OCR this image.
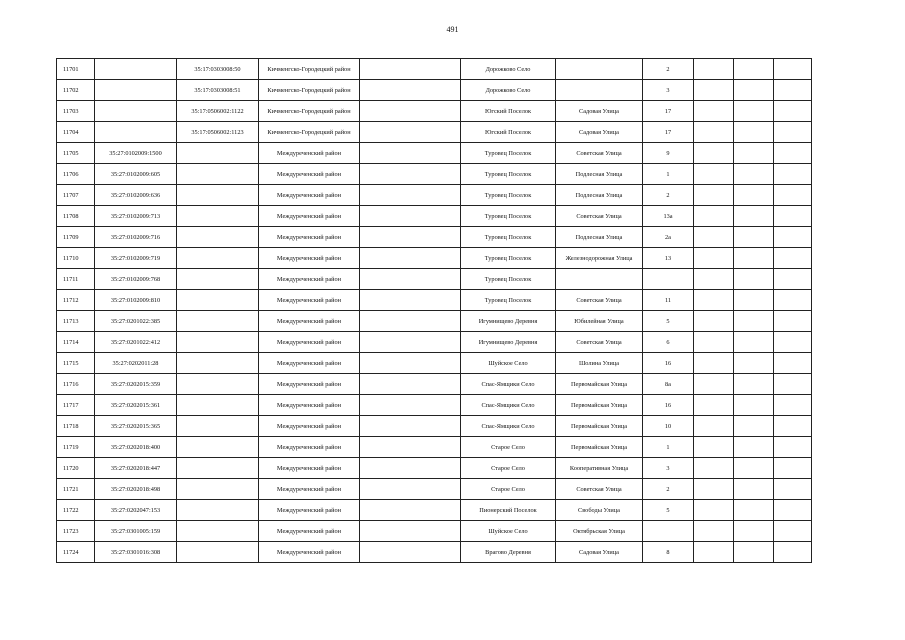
491
11701		35:17:0303008:50	Кичменгско-Городецкий район		Дорожково Село		2			
11702		35:17:0303008:51	Кичменгско-Городецкий район		Дорожково Село		3			
11703		35:17:0506002:1122	Кичменгско-Городецкий район		Югский Поселок	Садовая Улица	17			
11704		35:17:0506002:1123	Кичменгско-Городецкий район		Югский Поселок	Садовая Улица	17			
11705	35:27:0102009:1500		Междуреченский район		Туровец Поселок	Советская Улица	9			
11706	35:27:0102009:605		Междуреченский район		Туровец Поселок	Подлесная Улица	1			
11707	35:27:0102009:636		Междуреченский район		Туровец Поселок	Подлесная Улица	2			
11708	35:27:0102009:713		Междуреченский район		Туровец Поселок	Советская Улица	13а			
11709	35:27:0102009:716		Междуреченский район		Туровец Поселок	Подлесная Улица	2а			
11710	35:27:0102009:719		Междуреченский район		Туровец Поселок	Железнодорожная Улица	13			
11711	35:27:0102009:768		Междуреченский район		Туровец Поселок					
11712	35:27:0102009:810		Междуреченский район		Туровец Поселок	Советская Улица	11			
11713	35:27:0201022:385		Междуреченский район		Игумнищево Деревня	Юбилейная Улица	5			
11714	35:27:0201022:412		Междуреченский район		Игумнищево Деревня	Советская Улица	6			
11715	35:27:0202011:28		Междуреченский район		Шуйское Село	Шолина Улица	16			
11716	35:27:0202015:359		Междуреченский район		Спас-Ямщики Село	Первомайская Улица	8а			
11717	35:27:0202015:361		Междуреченский район		Спас-Ямщики Село	Первомайская Улица	16			
11718	35:27:0202015:365		Междуреченский район		Спас-Ямщики Село	Первомайская Улица	10			
11719	35:27:0202018:400		Междуреченский район		Старое Село	Первомайская Улица	1			
11720	35:27:0202018:447		Междуреченский район		Старое Село	Кооперативная Улица	3			
11721	35:27:0202018:498		Междуреченский район		Старое Село	Советская Улица	2			
11722	35:27:0202047:153		Междуреченский район		Пионерский Поселок	Свободы Улица	5			
11723	35:27:0301005:159		Междуреченский район		Шуйское Село	Октябрьская Улица				
11724	35:27:0301016:308		Междуреченский район		Врагово Деревня	Садовая Улица	8			
